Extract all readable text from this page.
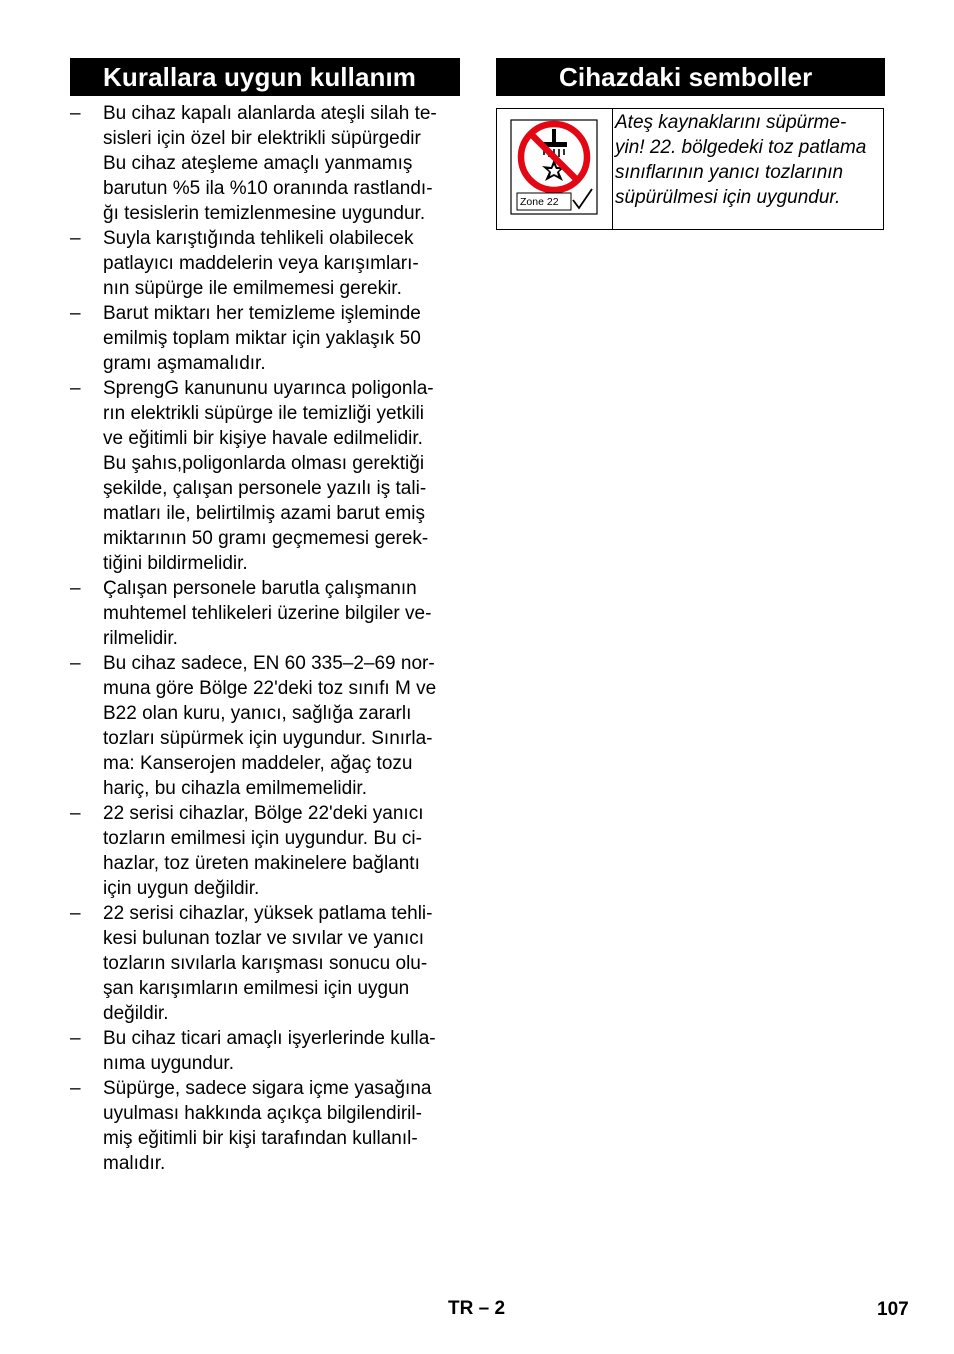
Kurallara uygun kullanım
– Bu cihaz kapalı alanlarda ateşli silah te-
sisleri için özel bir elektrikli süpürgedir
Bu cihaz ateşleme amaçlı yanmamış
barutun %5 ila %10 oranında rastlandı-
ğı tesislerin temizlenmesine uygundur.
– Suyla karıştığında tehlikeli olabilecek
patlayıcı maddelerin veya karışımları-
nın süpürge ile emilmemesi gerekir.
– Barut miktarı her temizleme işleminde
emilmiş toplam miktar için yaklaşık 50
gramı aşmamalıdır.
– SprengG kanununu uyarınca poligonla-
rın elektrikli süpürge ile temizliği yetkili
ve eğitimli bir kişiye havale edilmelidir.
Bu şahıs,poligonlarda olması gerektiği
şekilde, çalışan personele yazılı iş tali-
matları ile, belirtilmiş azami barut emiş
miktarının 50 gramı geçmemesi gerek-
tiğini bildirmelidir.
– Çalışan personele barutla çalışmanın
muhtemel tehlikeleri üzerine bilgiler ve-
rilmelidir.
– Bu cihaz sadece, EN 60 335–2–69 nor-
muna göre Bölge 22'deki toz sınıfı M ve
B22 olan kuru, yanıcı, sağlığa zararlı
tozları süpürmek için uygundur. Sınırla-
ma: Kanserojen maddeler, ağaç tozu
hariç, bu cihazla emilmemelidir.
– 22 serisi cihazlar, Bölge 22'deki yanıcı
tozların emilmesi için uygundur. Bu ci-
hazlar, toz üreten makinelere bağlantı
için uygun değildir.
– 22 serisi cihazlar, yüksek patlama tehli-
kesi bulunan tozlar ve sıvılar ve yanıcı
tozların sıvılarla karışması sonucu olu-
şan karışımların emilmesi için uygun
değildir.
– Bu cihaz ticari amaçlı işyerlerinde kulla-
nıma uygundur.
– Süpürge, sadece sigara içme yasağına
uyulması hakkında açıkça bilgilendiril-
miş eğitimli bir kişi tarafından kullanıl-
malıdır.
Cihazdaki semboller
Zone 22
	Ateş kaynaklarını süpürme-
yin! 22. bölgedeki toz patlama
sınıflarının yanıcı tozlarının
süpürülmesi için uygundur.
TR – 2	107
